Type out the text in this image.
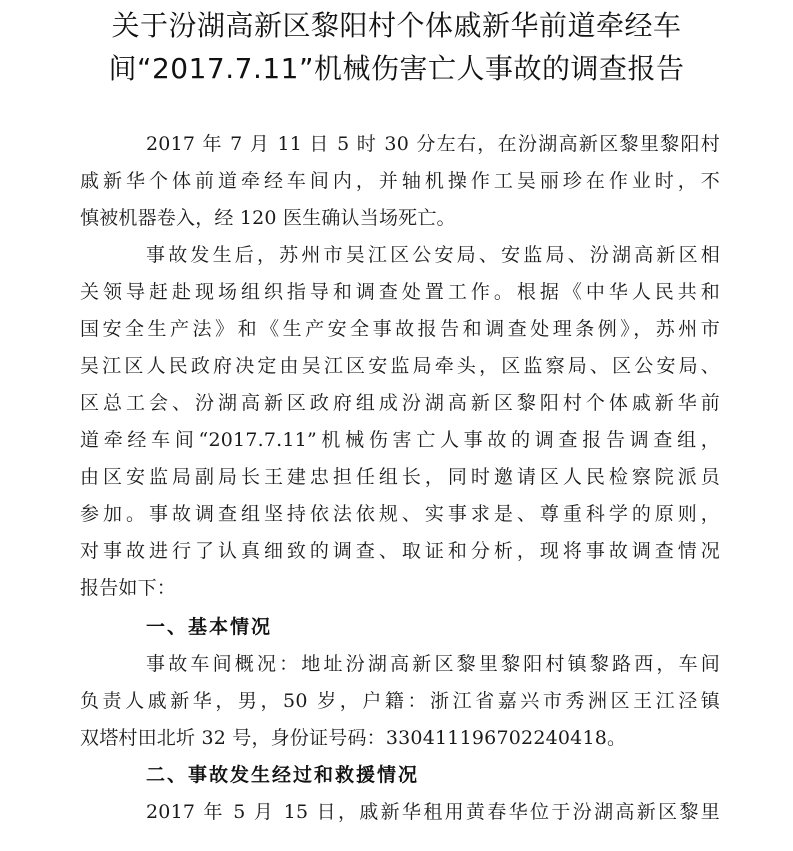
关于汾湖高新区黎阳村个体戚新华前道牵经车
间“2017.7.11”机械伤害亡人事故的调查报告
2017 年 7 月 11 日 5 时 30 分左右，在汾湖高新区黎里黎阳村
戚新华个体前道牵经车间内，并轴机操作工吴丽珍在作业时，不
慎被机器卷入，经 120 医生确认当场死亡。
事故发生后，苏州市吴江区公安局、安监局、汾湖高新区相
关领导赶赴现场组织指导和调查处置工作。根据《中华人民共和
国安全生产法》和《生产安全事故报告和调查处理条例》，苏州市
吴江区人民政府决定由吴江区安监局牵头，区监察局、区公安局、
区总工会、汾湖高新区政府组成汾湖高新区黎阳村个体戚新华前
道牵经车间“2017.7.11”机械伤害亡人事故的调查报告调查组，
由区安监局副局长王建忠担任组长，同时邀请区人民检察院派员
参加。事故调查组坚持依法依规、实事求是、尊重科学的原则，
对事故进行了认真细致的调查、取证和分析，现将事故调查情况
报告如下：
一、基本情况
事故车间概况：地址汾湖高新区黎里黎阳村镇黎路西，车间
负责人戚新华，男，50 岁，户籍：浙江省嘉兴市秀洲区王江泾镇
双塔村田北圻 32 号，身份证号码：330411196702240418。
二、事故发生经过和救援情况
2017 年 5 月 15 日，戚新华租用黄春华位于汾湖高新区黎里
